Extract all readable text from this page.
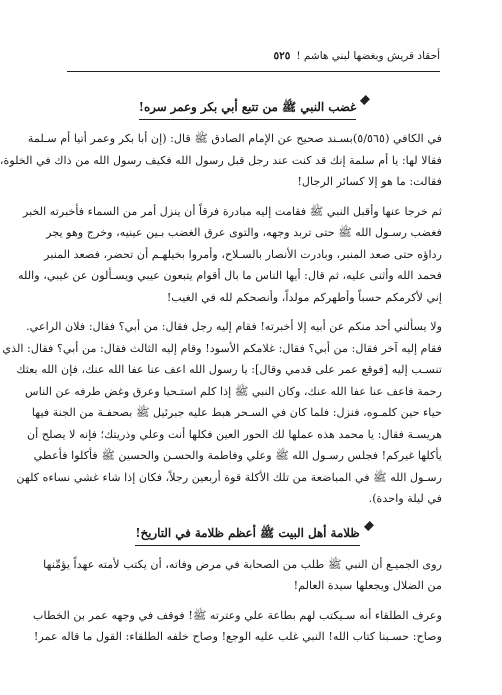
أحقاد قريش وبغضها لبني هاشم !
٥٢٥
غضب النبي ﷺ من تتبع أبي بكر وعمر سره!
في الكافي (٥/٥٦٥)بسـند صحيح عن الإمام الصادق ﷺ قال: (إن أبا بكر وعمر أتيا أم سـلمة
فقالا لها: يا أم سلمة إنك قد كنت عند رجل قبل رسول الله فكيف رسول الله من ذاك في الخلوة،
فقالت: ما هو إلا كسائر الرجال!
ثم خرجا عنها وأقبل النبي ﷺ فقامت إليه مبادرة فرقاً أن ينزل أمر من السماء فأخبرته الخبر
فغضب رسـول الله ﷺ حتى تربد وجهه، والتوى عرق الغضب بـين عينيه، وخرج وهو يجر
رداؤه حتى صعد المنبر، وبادرت الأنصار بالسـلاح، وأمروا بخيلهـم أن تحضر، فصعد المنبر
فحمد الله وأثنى عليه، ثم قال: أيها الناس ما بال أقوام يتبعون عيبي ويسـألون عن غيبي، والله
إني لأكرمكم حسباً وأطهركم مولداً، وأنصحكم لله في الغيب!
ولا يسألني أحد منكم عن أبيه إلا أخبرته! فقام إليه رجل فقال: من أبي؟ فقال: فلان الراعي.
فقام إليه آخر فقال: من أبي؟ فقال: غلامكم الأسود! وقام إليه الثالث فقال: من أبي؟ فقال: الذي
تنسـب إليه [فوقع عمر على قدمي وقال]: يا رسول الله اعف عنا عفا الله عنك، فإن الله بعثك
رحمة فاعف عنا عفا الله عنك، وكان النبي ﷺ إذا كلم استـحيا وعرق وغض طرفه عن الناس
حياء حين كلمـوه، فنزل: فلما كان في السـحر هبط عليه جبرئيل ﷺ بصحفـة من الجنة فيها
هريسـة فقال: يا محمد هذه عملها لك الحور العين فكلها أنت وعلي وذريتك؛ فإنه لا يصلح أن
يأكلها غيركم! فجلس رسـول الله ﷺ وعلي وفاطمة والحسـن والحسين ﷺ فأكلوا فأعطي
رسـول الله ﷺ في المباضعة من تلك الأكلة قوة أربعين رجلاً، فكان إذا شاء غشي نساءه كلهن
في ليلة واحدة).
ظلامة أهل البيت ﷺ أعظم ظلامة في التاريخ!
روى الجميـع أن النبي ﷺ طلب من الصحابة في مرض وفاته، أن يكتب لأمته عهداً يؤمِّنها
من الضلال ويجعلها سيدة العالم!
وعرف الطلقاء أنه سـيكتب لهم بطاعة علي وعترته ﷺ! فوقف في وجهه عمر بن الخطاب
وصاح: حسـبنا كتاب الله! النبي غلب عليه الوجع! وصاح خلفه الطلقاء: القول ما قاله عمر!
